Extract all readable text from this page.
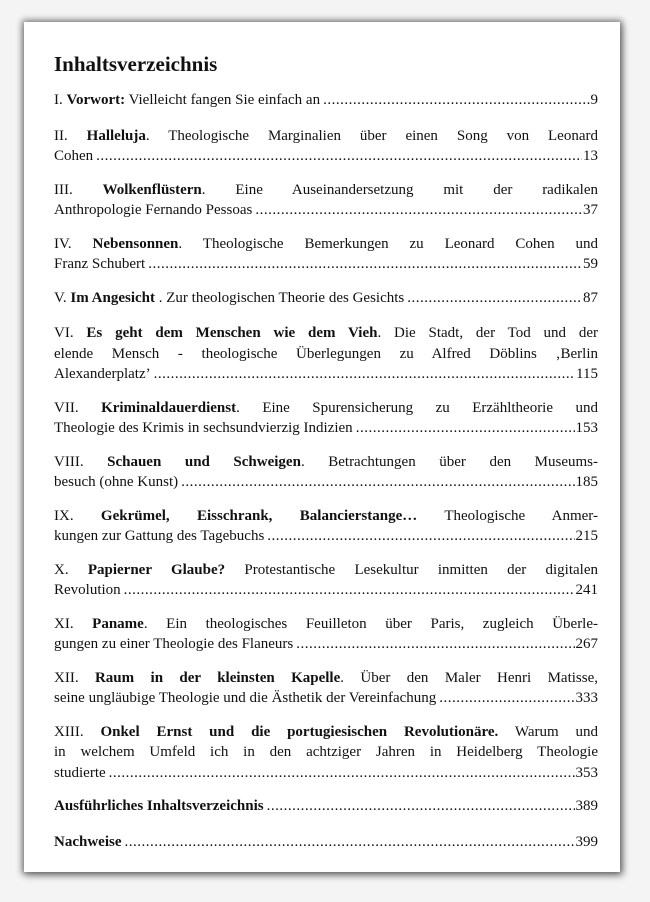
Inhaltsverzeichnis
I. Vorwort: Vielleicht fangen Sie einfach an .....	9
II. Halleluja. Theologische Marginalien über einen Song von Leonard
Cohen .....	13
III. Wolkenflüstern. Eine Auseinandersetzung mit der radikalen
Anthropologie Fernando Pessoas .....	37
IV. Nebensonnen. Theologische Bemerkungen zu Leonard Cohen und
Franz Schubert .....	59
V. Im Angesicht . Zur theologischen Theorie des Gesichts .....	87
VI. Es geht dem Menschen wie dem Vieh. Die Stadt, der Tod und der
elende Mensch - theologische Überlegungen zu Alfred Döblins ‚Berlin
Alexanderplatz’ .....	115
VII. Kriminaldauerdienst. Eine Spurensicherung zu Erzähltheorie und
Theologie des Krimis in sechsundvierzig Indizien .....	153
VIII. Schauen und Schweigen. Betrachtungen über den Museums-
besuch (ohne Kunst) .....	185
IX. Gekrümel, Eisschrank, Balancierstange… Theologische Anmer-
kungen zur Gattung des Tagebuchs .....	215
X. Papierner Glaube? Protestantische Lesekultur inmitten der digitalen
Revolution .....	241
XI. Paname. Ein theologisches Feuilleton über Paris, zugleich Überle-
gungen zu einer Theologie des Flaneurs .....	267
XII. Raum in der kleinsten Kapelle. Über den Maler Henri Matisse,
seine ungläubige Theologie und die Ästhetik der Vereinfachung .....	333
XIII. Onkel Ernst und die portugiesischen Revolutionäre. Warum und
in welchem Umfeld ich in den achtziger Jahren in Heidelberg Theologie
studierte .....	353
Ausführliches Inhaltsverzeichnis .....	389
Nachweise .....	399
